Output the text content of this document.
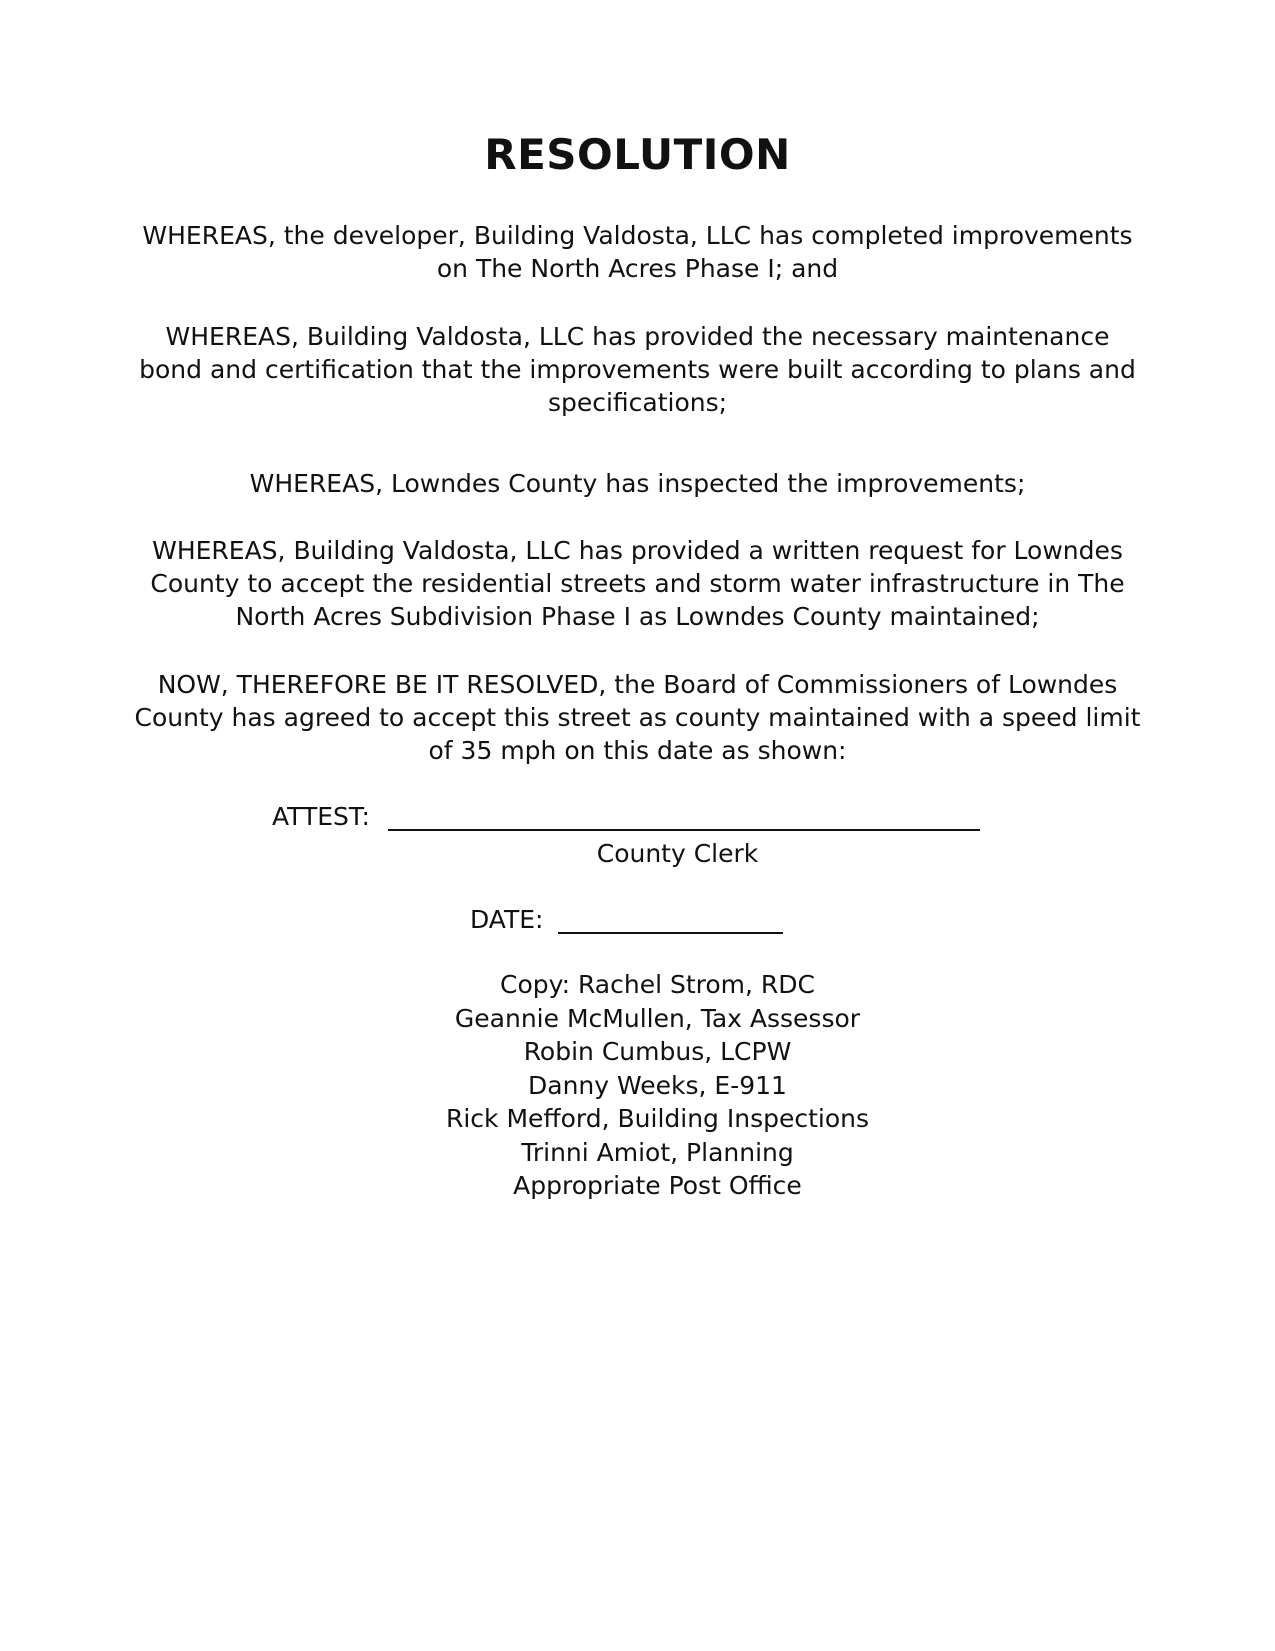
RESOLUTION

WHEREAS, the developer, Building Valdosta, LLC has completed improvements
on The North Acres Phase I; and

WHEREAS, Building Valdosta, LLC has provided the necessary maintenance
bond and certification that the improvements were built according to plans and
specifications;

WHEREAS, Lowndes County has inspected the improvements;

WHEREAS, Building Valdosta, LLC has provided a written request for Lowndes
County to accept the residential streets and storm water infrastructure in The
North Acres Subdivision Phase I as Lowndes County maintained;

NOW, THEREFORE BE IT RESOLVED, the Board of Commissioners of Lowndes
County has agreed to accept this street as county maintained with a speed limit
of 35 mph on this date as shown:

ATTEST:
County Clerk
DATE:
Copy: Rachel Strom, RDC
Geannie McMullen, Tax Assessor
Robin Cumbus, LCPW
Danny Weeks, E-911
Rick Mefford, Building Inspections
Trinni Amiot, Planning
Appropriate Post Office
